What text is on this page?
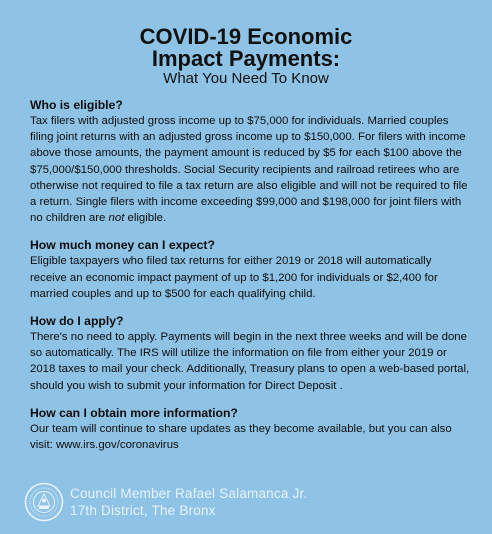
COVID-19 Economic
Impact Payments:
What You Need To Know
Who is eligible?
Tax filers with adjusted gross income up to $75,000 for individuals. Married couples filing joint returns with an adjusted gross income up to $150,000. For filers with income above those amounts, the payment amount is reduced by $5 for each $100 above the $75,000/$150,000 thresholds. Social Security recipients and railroad retirees who are otherwise not required to file a tax return are also eligible and will not be required to file a return. Single filers with income exceeding $99,000 and $198,000 for joint filers with no children are not eligible.
How much money can I expect?
Eligible taxpayers who filed tax returns for either 2019 or 2018 will automatically receive an economic impact payment of up to $1,200 for individuals or $2,400 for married couples and up to $500 for each qualifying child.
How do I apply?
There's no need to apply. Payments will begin in the next three weeks and will be done so automatically. The IRS will utilize the information on file from either your 2019 or 2018 taxes to mail your check. Additionally, Treasury plans to open a web-based portal, should you wish to submit your information for Direct Deposit .
How can I obtain more information?
Our team will continue to share updates as they become available, but you can also visit: www.irs.gov/coronavirus
Council Member Rafael Salamanca Jr.
17th District, The Bronx
